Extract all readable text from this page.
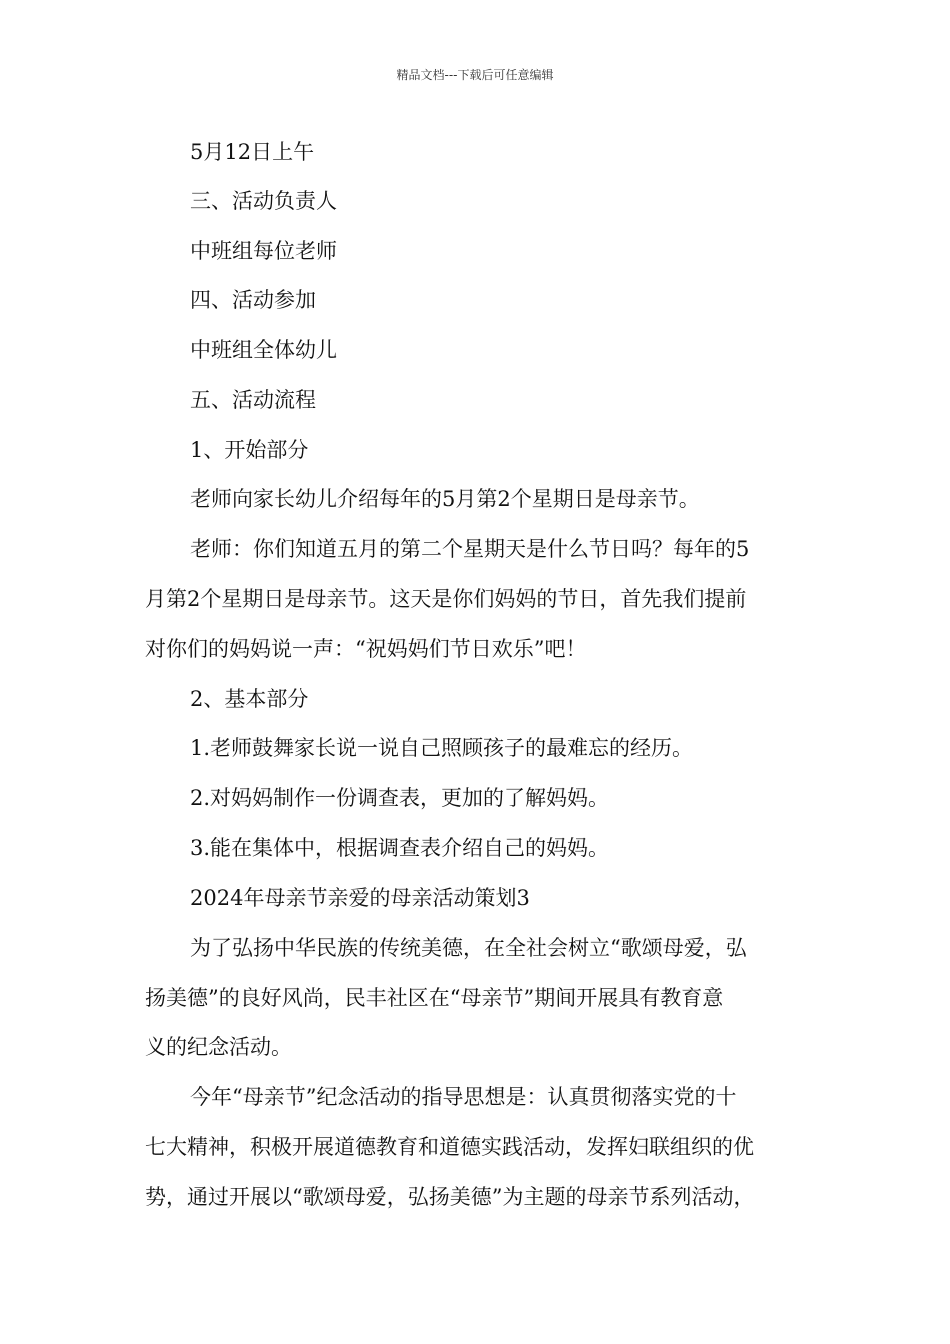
精品文档---下载后可任意编辑
5月12日上午
三、活动负责人
中班组每位老师
四、活动参加
中班组全体幼儿
五、活动流程
1、开始部分
老师向家长幼儿介绍每年的5月第2个星期日是母亲节。
老师：你们知道五月的第二个星期天是什么节日吗？每年的5
月第2个星期日是母亲节。这天是你们妈妈的节日，首先我们提前
对你们的妈妈说一声：“祝妈妈们节日欢乐”吧！
2、基本部分
1.老师鼓舞家长说一说自己照顾孩子的最难忘的经历。
2.对妈妈制作一份调查表，更加的了解妈妈。
3.能在集体中，根据调查表介绍自己的妈妈。
2024年母亲节亲爱的母亲活动策划3
为了弘扬中华民族的传统美德，在全社会树立“歌颂母爱，弘
扬美德”的良好风尚，民丰社区在“母亲节”期间开展具有教育意
义的纪念活动。
今年“母亲节”纪念活动的指导思想是：认真贯彻落实党的十
七大精神，积极开展道德教育和道德实践活动，发挥妇联组织的优
势，通过开展以“歌颂母爱，弘扬美德”为主题的母亲节系列活动，
